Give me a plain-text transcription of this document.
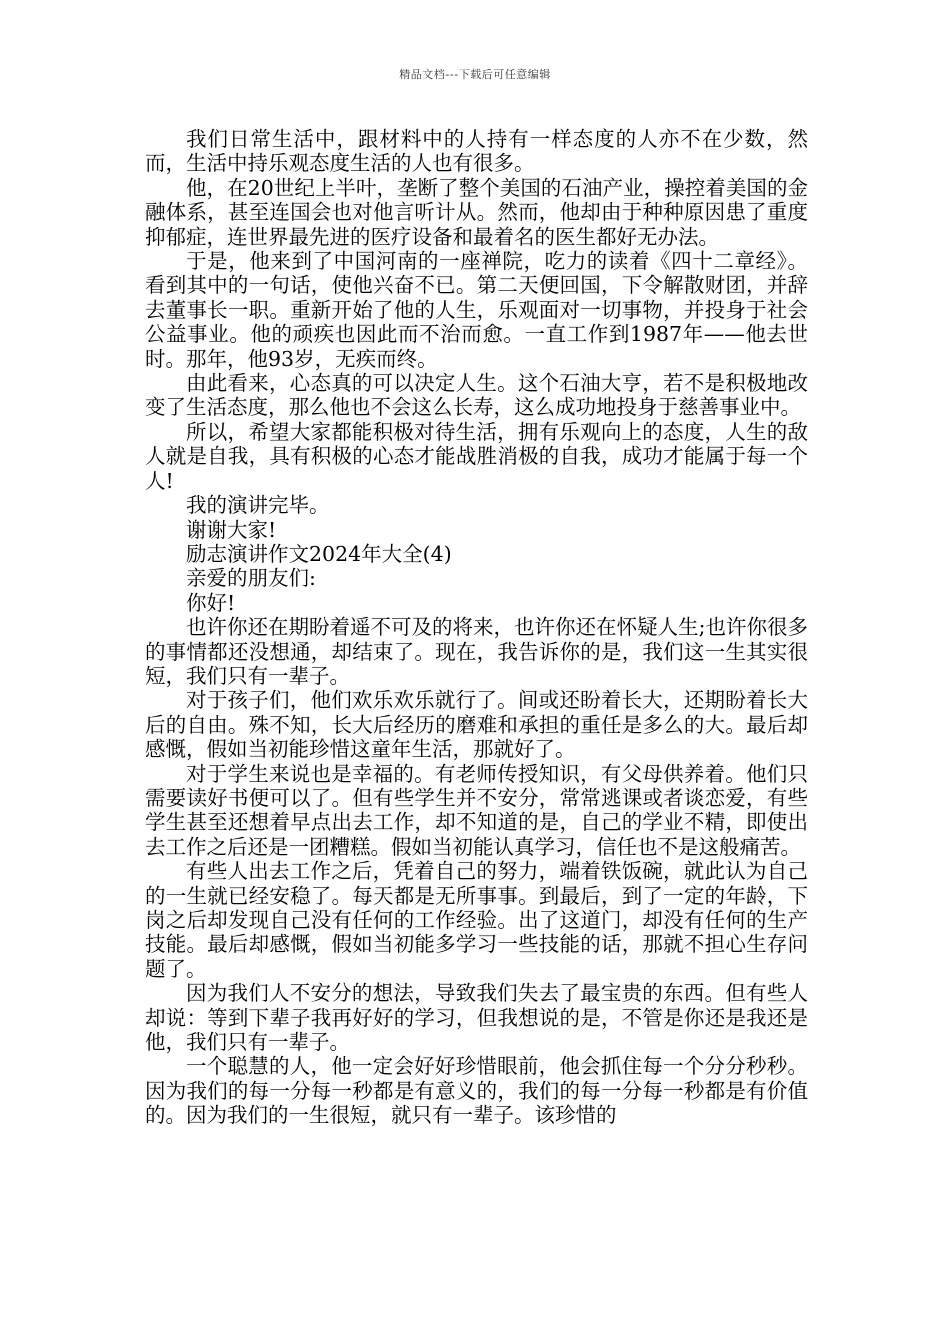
精品文档---下载后可任意编辑

我们日常生活中，跟材料中的人持有一样态度的人亦不在少数，然而，生活中持乐观态度生活的人也有很多。

他，在20世纪上半叶，垄断了整个美国的石油产业，操控着美国的金融体系，甚至连国会也对他言听计从。然而，他却由于种种原因患了重度抑郁症，连世界最先进的医疗设备和最着名的医生都好无办法。

于是，他来到了中国河南的一座禅院，吃力的读着《四十二章经》。看到其中的一句话，使他兴奋不已。第二天便回国，下令解散财团，并辞去董事长一职。重新开始了他的人生，乐观面对一切事物，并投身于社会公益事业。他的顽疾也因此而不治而愈。一直工作到1987年——他去世时。那年，他93岁，无疾而终。

由此看来，心态真的可以决定人生。这个石油大亨，若不是积极地改变了生活态度，那么他也不会这么长寿，这么成功地投身于慈善事业中。

所以，希望大家都能积极对待生活，拥有乐观向上的态度，人生的敌人就是自我，具有积极的心态才能战胜消极的自我，成功才能属于每一个人!

我的演讲完毕。

谢谢大家!

励志演讲作文2024年大全(4)

亲爱的朋友们:

你好!

也许你还在期盼着遥不可及的将来，也许你还在怀疑人生;也许你很多的事情都还没想通，却结束了。现在，我告诉你的是，我们这一生其实很短，我们只有一辈子。

对于孩子们，他们欢乐欢乐就行了。间或还盼着长大，还期盼着长大后的自由。殊不知，长大后经历的磨难和承担的重任是多么的大。最后却感慨，假如当初能珍惜这童年生活，那就好了。

对于学生来说也是幸福的。有老师传授知识，有父母供养着。他们只需要读好书便可以了。但有些学生并不安分，常常逃课或者谈恋爱，有些学生甚至还想着早点出去工作，却不知道的是，自己的学业不精，即使出去工作之后还是一团糟糕。假如当初能认真学习，信任也不是这般痛苦。

有些人出去工作之后，凭着自己的努力，端着铁饭碗，就此认为自己的一生就已经安稳了。每天都是无所事事。到最后，到了一定的年龄，下岗之后却发现自己没有任何的工作经验。出了这道门，却没有任何的生产技能。最后却感慨，假如当初能多学习一些技能的话，那就不担心生存问题了。

因为我们人不安分的想法，导致我们失去了最宝贵的东西。但有些人却说：等到下辈子我再好好的学习，但我想说的是，不管是你还是我还是他，我们只有一辈子。

一个聪慧的人，他一定会好好珍惜眼前，他会抓住每一个分分秒秒。因为我们的每一分每一秒都是有意义的，我们的每一分每一秒都是有价值的。因为我们的一生很短，就只有一辈子。该珍惜的
